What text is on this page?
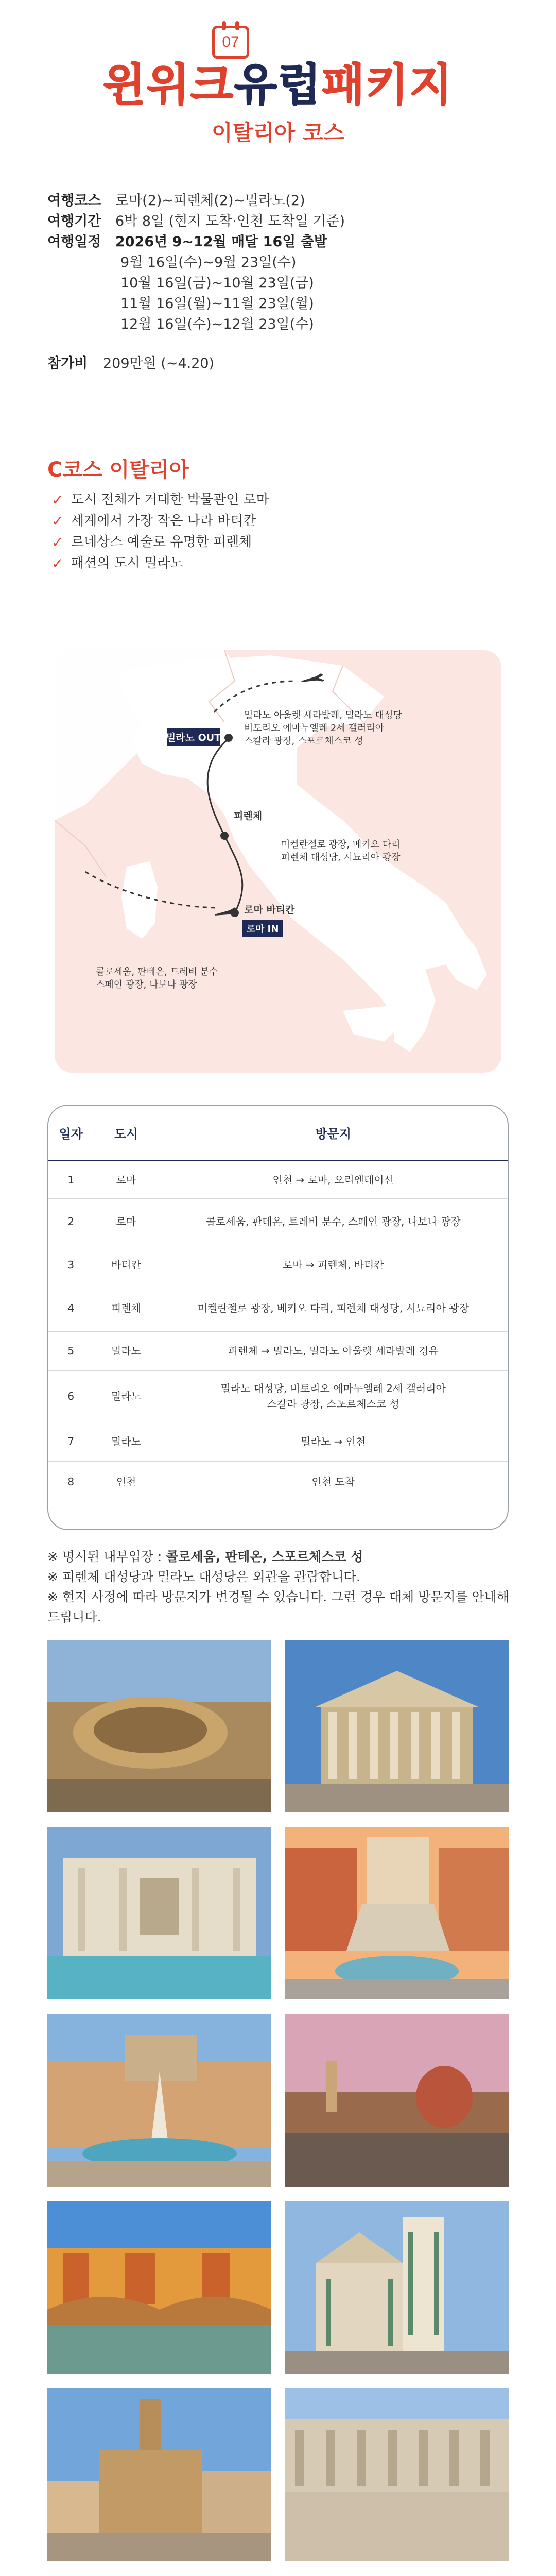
07
윈위크유럽패키지
이탈리아 코스
여행코스	로마(2)~피렌체(2)~밀라노(2)
여행기간	6박 8일 (현지 도착·인천 도착일 기준)
여행일정	2026년 9~12월 매달 16일 출발
9월 16일(수)~9월 23일(수)
10월 16일(금)~10월 23일(금)
11월 16일(월)~11월 23일(월)
12월 16일(수)~12월 23일(수)
참가비	209만원 (~4.20)
C코스 이탈리아
✓ 도시 전체가 거대한 박물관인 로마
✓ 세계에서 가장 작은 나라 바티칸
✓ 르네상스 예술로 유명한 피렌체
✓ 패션의 도시 밀라노
밀라노 OUT
밀라노 아울렛 세라발레, 밀라노 대성당
비토리오 에마누엘레 2세 갤러리아
스칼라 광장, 스포르체스코 성
피렌체
미켈란젤로 광장, 베키오 다리
피렌체 대성당, 시뇨리아 광장
로마 바티칸
로마 IN
콜로세움, 판테온, 트레비 분수
스페인 광장, 나보나 광장
일자	도시	방문지
1	로마	인천 → 로마, 오리엔테이션
2	로마	콜로세움, 판테온, 트레비 분수, 스페인 광장, 나보나 광장
3	바티칸	로마 → 피렌체, 바티칸
4	피렌체	미켈란젤로 광장, 베키오 다리, 피렌체 대성당, 시뇨리아 광장
5	밀라노	피렌체 → 밀라노, 밀라노 아울렛 세라발레 경유
6	밀라노	밀라노 대성당, 비토리오 에마누엘레 2세 갤러리아
스칼라 광장, 스포르체스코 성

7	밀라노	밀라노 → 인천
8	인천	인천 도착
※ 명시된 내부입장 : 콜로세움, 판테온, 스포르체스코 성
※ 피렌체 대성당과 밀라노 대성당은 외관을 관람합니다.
※ 현지 사정에 따라 방문지가 변경될 수 있습니다. 그런 경우 대체 방문지를 안내해 드립니다.
